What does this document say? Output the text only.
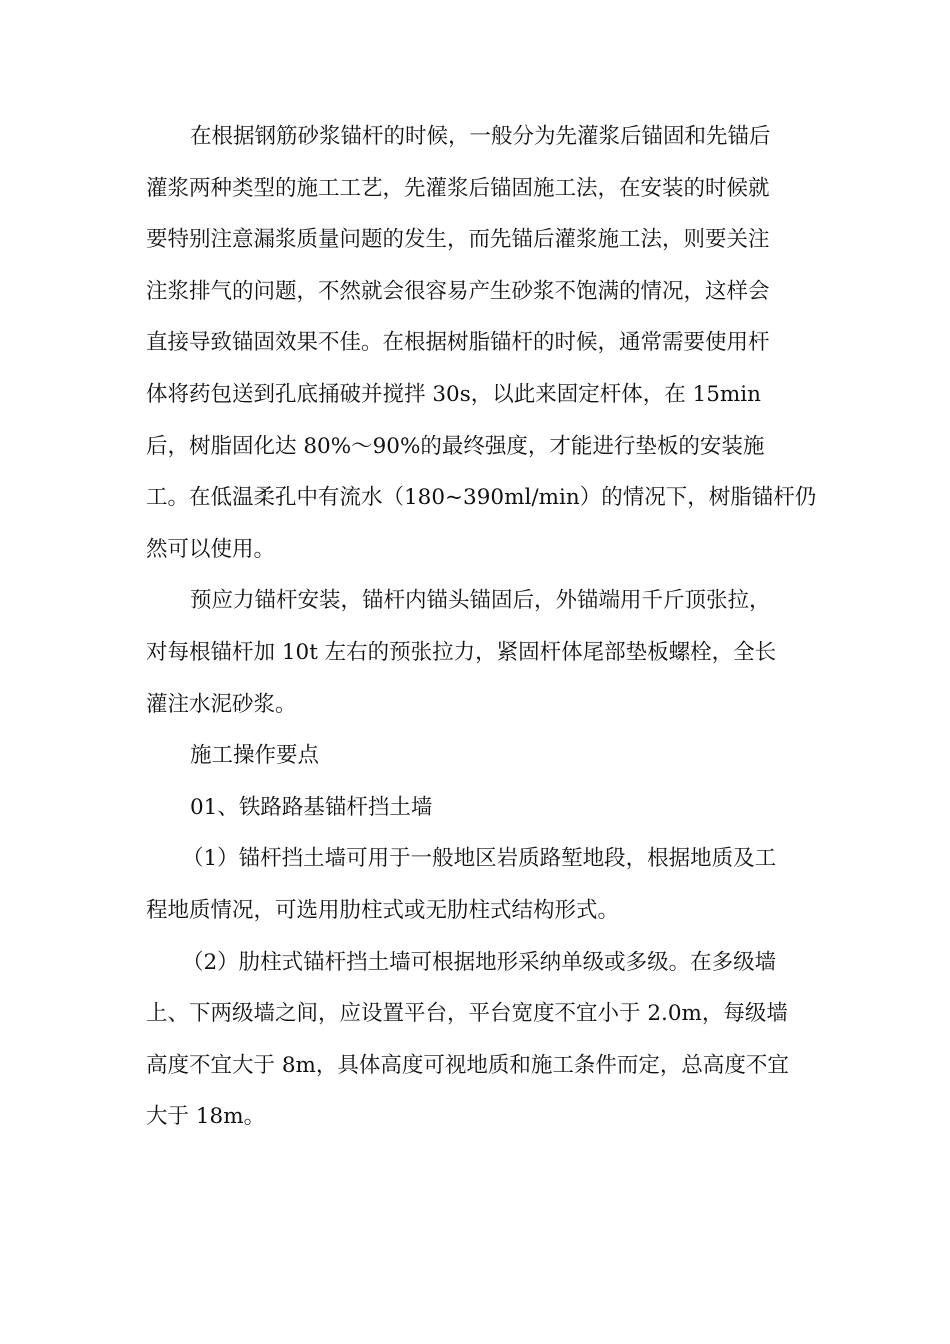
在根据钢筋砂浆锚杆的时候，一般分为先灌浆后锚固和先锚后
灌浆两种类型的施工工艺，先灌浆后锚固施工法，在安装的时候就
要特别注意漏浆质量问题的发生，而先锚后灌浆施工法，则要关注
注浆排气的问题，不然就会很容易产生砂浆不饱满的情况，这样会
直接导致锚固效果不佳。在根据树脂锚杆的时候，通常需要使用杆
体将药包送到孔底捅破并搅拌 30s，以此来固定杆体，在 15min
后，树脂固化达 80%～90%的最终强度，才能进行垫板的安装施
工。在低温柔孔中有流水（180~390ml/min）的情况下，树脂锚杆仍
然可以使用。
预应力锚杆安装，锚杆内锚头锚固后，外锚端用千斤顶张拉，
对每根锚杆加 10t 左右的预张拉力，紧固杆体尾部垫板螺栓，全长
灌注水泥砂浆。
施工操作要点
01、铁路路基锚杆挡土墙
（1）锚杆挡土墙可用于一般地区岩质路堑地段，根据地质及工
程地质情况，可选用肋柱式或无肋柱式结构形式。
（2）肋柱式锚杆挡土墙可根据地形采纳单级或多级。在多级墙
上、下两级墙之间，应设置平台，平台宽度不宜小于 2.0m，每级墙
高度不宜大于 8m，具体高度可视地质和施工条件而定，总高度不宜
大于 18m。
